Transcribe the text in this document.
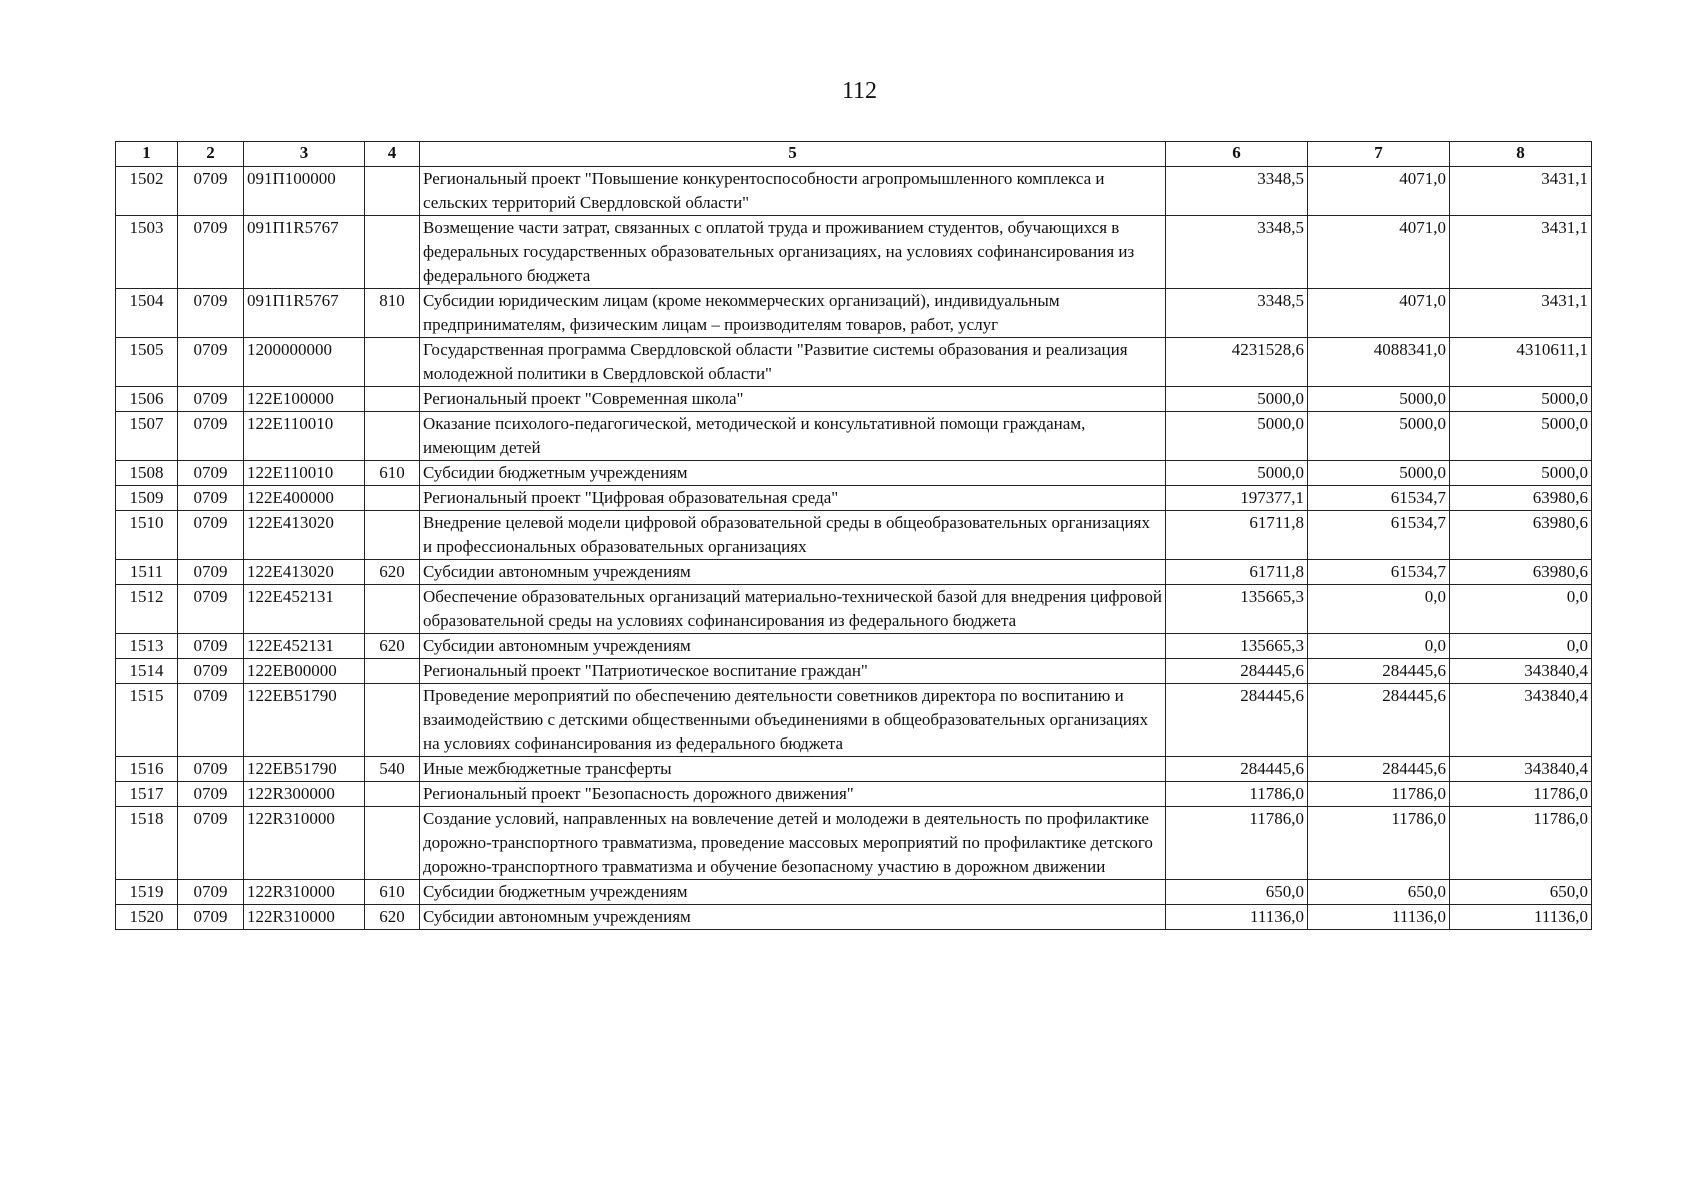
112
1	2	3	4	5	6	7	8
1502	0709	091П100000		Региональный проект "Повышение конкурентоспособности агропромышленного комплекса и сельских территорий Свердловской области"	3348,5	4071,0	3431,1
1503	0709	091П1R5767		Возмещение части затрат, связанных с оплатой труда и проживанием студентов, обучающихся в федеральных государственных образовательных организациях, на условиях софинансирования из федерального бюджета	3348,5	4071,0	3431,1
1504	0709	091П1R5767	810	Субсидии юридическим лицам (кроме некоммерческих организаций), индивидуальным предпринимателям, физическим лицам – производителям товаров, работ, услуг	3348,5	4071,0	3431,1
1505	0709	1200000000		Государственная программа Свердловской области "Развитие системы образования и реализация молодежной политики в Свердловской области"	4231528,6	4088341,0	4310611,1
1506	0709	122Е100000		Региональный проект "Современная школа"	5000,0	5000,0	5000,0
1507	0709	122Е110010		Оказание психолого-педагогической, методической и консультативной помощи гражданам, имеющим детей	5000,0	5000,0	5000,0
1508	0709	122Е110010	610	Субсидии бюджетным учреждениям	5000,0	5000,0	5000,0
1509	0709	122Е400000		Региональный проект "Цифровая образовательная среда"	197377,1	61534,7	63980,6
1510	0709	122Е413020		Внедрение целевой модели цифровой образовательной среды в общеобразовательных организациях и профессиональных образовательных организациях	61711,8	61534,7	63980,6
1511	0709	122Е413020	620	Субсидии автономным учреждениям	61711,8	61534,7	63980,6
1512	0709	122Е452131		Обеспечение образовательных организаций материально-технической базой для внедрения цифровой образовательной среды на условиях софинансирования из федерального бюджета	135665,3	0,0	0,0
1513	0709	122Е452131	620	Субсидии автономным учреждениям	135665,3	0,0	0,0
1514	0709	122ЕВ00000		Региональный проект "Патриотическое воспитание граждан"	284445,6	284445,6	343840,4
1515	0709	122ЕВ51790		Проведение мероприятий по обеспечению деятельности советников директора по воспитанию и взаимодействию с детскими общественными объединениями в общеобразовательных организациях на условиях софинансирования из федерального бюджета	284445,6	284445,6	343840,4
1516	0709	122ЕВ51790	540	Иные межбюджетные трансферты	284445,6	284445,6	343840,4
1517	0709	122R300000		Региональный проект "Безопасность дорожного движения"	11786,0	11786,0	11786,0
1518	0709	122R310000		Создание условий, направленных на вовлечение детей и молодежи в деятельность по профилактике дорожно-транспортного травматизма, проведение массовых мероприятий по профилактике детского дорожно-транспортного травматизма и обучение безопасному участию в дорожном движении	11786,0	11786,0	11786,0
1519	0709	122R310000	610	Субсидии бюджетным учреждениям	650,0	650,0	650,0
1520	0709	122R310000	620	Субсидии автономным учреждениям	11136,0	11136,0	11136,0
